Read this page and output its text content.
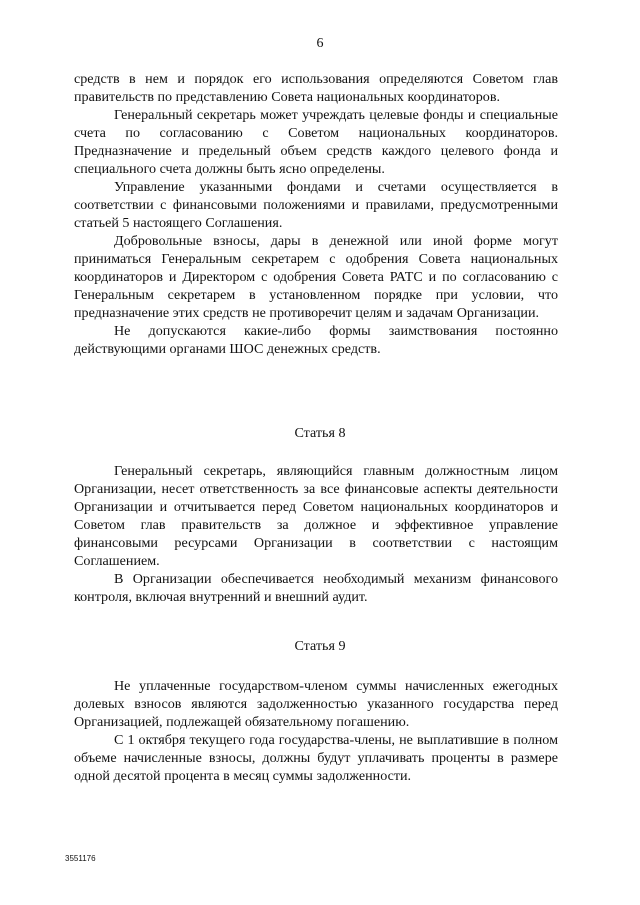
6

средств в нем и порядок его использования определяются Советом глав правительств по представлению Совета национальных координаторов.

Генеральный секретарь может учреждать целевые фонды и специальные счета по согласованию с Советом национальных координаторов. Предназначение и предельный объем средств каждого целевого фонда и специального счета должны быть ясно определены.

Управление указанными фондами и счетами осуществляется в соответствии с финансовыми положениями и правилами, предусмотренными статьей 5 настоящего Соглашения.

Добровольные взносы, дары в денежной или иной форме могут приниматься Генеральным секретарем с одобрения Совета национальных координаторов и Директором с одобрения Совета РАТС и по согласованию с Генеральным секретарем в установленном порядке при условии, что предназначение этих средств не противоречит целям и задачам Организации.

Не допускаются какие-либо формы заимствования постоянно действующими органами ШОС денежных средств.

Статья 8

Генеральный секретарь, являющийся главным должностным лицом Организации, несет ответственность за все финансовые аспекты деятельности Организации и отчитывается перед Советом национальных координаторов и Советом глав правительств за должное и эффективное управление финансовыми ресурсами Организации в соответствии с настоящим Соглашением.

В Организации обеспечивается необходимый механизм финансового контроля, включая внутренний и внешний аудит.

Статья 9

Не уплаченные государством-членом суммы начисленных ежегодных долевых взносов являются задолженностью указанного государства перед Организацией, подлежащей обязательному погашению.

С 1 октября текущего года государства-члены, не выплатившие в полном объеме начисленные взносы, должны будут уплачивать проценты в размере одной десятой процента в месяц суммы задолженности.

3551176
